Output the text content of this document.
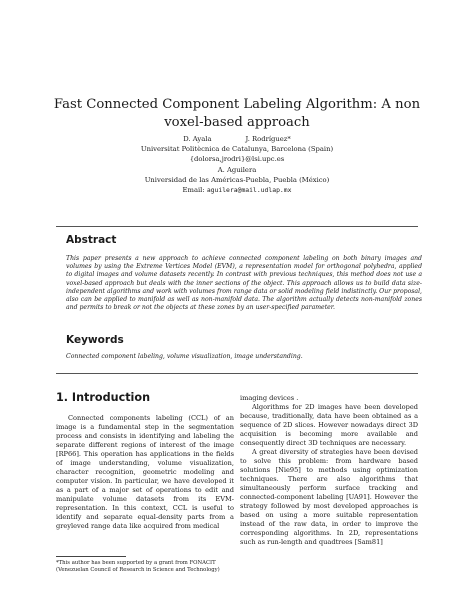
Fast Connected Component Labeling Algorithm: A non voxel-based approach
D. Ayala	J. Rodríguez*
Universitat Politècnica de Catalunya, Barcelona (Spain)
{dolorsa,jrodri}@lsi.upc.es
A. Aguilera
Universidad de las Américas-Puebla, Puebla (México)
Email: aguilera@mail.udlap.mx
Abstract
This paper presents a new approach to achieve connected component labeling on both binary images and volumes by using the Extreme Vertices Model (EVM), a representation model for orthogonal polyhedra, applied to digital images and volume datasets recently. In contrast with previous techniques, this method does not use a voxel-based approach but deals with the inner sections of the object. This approach allows us to build data size-independent algorithms and work with volumes from range data or solid modeling field indistinctly. Our proposal, also can be applied to manifold as well as non-manifold data. The algorithm actually detects non-manifold zones and permits to break or not the objects at these zones by an user-specified parameter.
Keywords
Connected component labeling, volume visualization, image understanding.
1. Introduction

Connected components labeling (CCL) of an image is a fundamental step in the segmentation process and consists in identifying and labeling the separate different regions of interest of the image [RP66]. This operation has applications in the fields of image understanding, volume visualization, character recognition, geometric modeling and computer vision. In particular, we have developed it as a part of a major set of operations to edit and manipulate volume datasets from its EVM-representation. In this context, CCL is useful to identify and separate equal-density parts from a greyleved range data like acquired from medical

imaging devices .

Algorithms for 2D images have been developed because, traditionally, data have been obtained as a sequence of 2D slices. However nowadays direct 3D acquisition is becoming more available and consequently direct 3D techniques are necessary.

A great diversity of strategies have been devised to solve this problem: from hardware based solutions [Nie95] to methods using optimization techniques. There are also algorithms that simultaneously perform surface tracking and connected-component labeling [UA91]. However the strategy followed by most developed approaches is based on using a more suitable representation instead of the raw data, in order to improve the corresponding algorithms. In 2D, representations such as run-length and quadtrees [Sam81]

*This author has been supported by a grant from FONACIT (Venezuelan Council of Research in Science and Technology)
